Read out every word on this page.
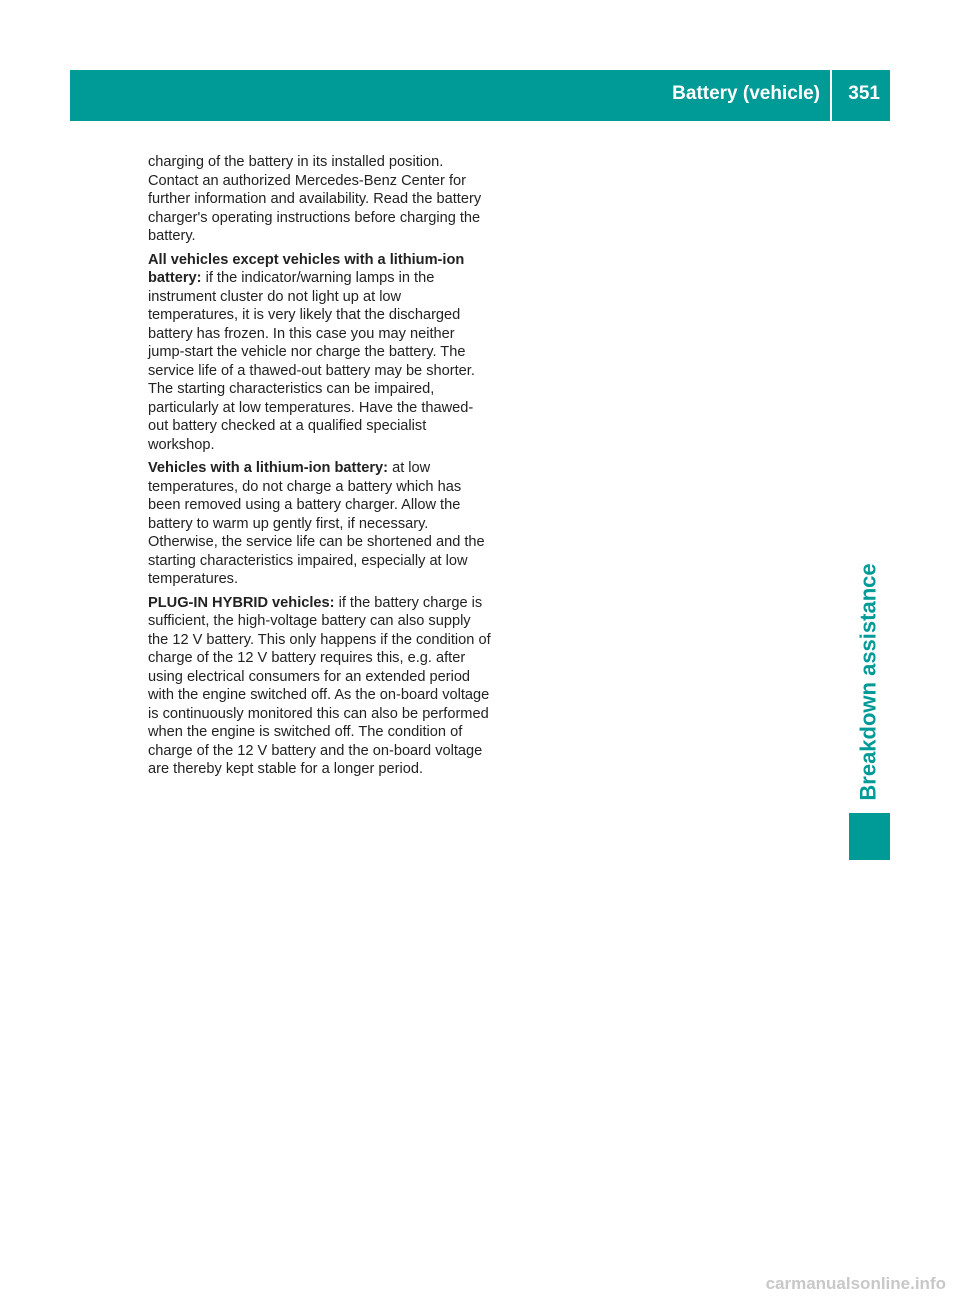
Battery (vehicle) 351

charging of the battery in its installed position. Contact an authorized Mercedes-Benz Center for further information and availability. Read the battery charger's operating instructions before charging the battery.

All vehicles except vehicles with a lithium-ion battery: if the indicator/warning lamps in the instrument cluster do not light up at low temperatures, it is very likely that the discharged battery has frozen. In this case you may neither jump-start the vehicle nor charge the battery. The service life of a thawed-out battery may be shorter. The starting characteristics can be impaired, particularly at low temperatures. Have the thawed-out battery checked at a qualified specialist workshop.

Vehicles with a lithium-ion battery: at low temperatures, do not charge a battery which has been removed using a battery charger. Allow the battery to warm up gently first, if necessary. Otherwise, the service life can be shortened and the starting characteristics impaired, especially at low temperatures.

PLUG-IN HYBRID vehicles: if the battery charge is sufficient, the high-voltage battery can also supply the 12 V battery. This only happens if the condition of charge of the 12 V battery requires this, e.g. after using electrical consumers for an extended period with the engine switched off. As the on-board voltage is continuously monitored this can also be performed when the engine is switched off. The condition of charge of the 12 V battery and the on-board voltage are thereby kept stable for a longer period.	Breakdown assistance
carmanualsonline.info
